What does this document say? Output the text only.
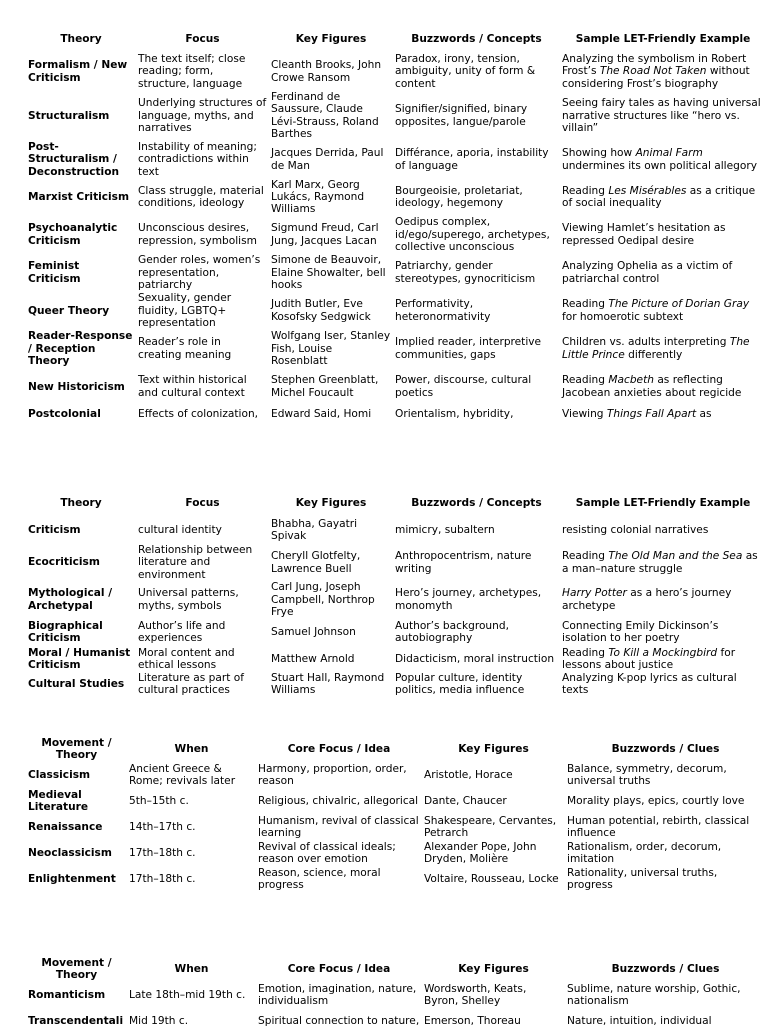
Theory	Focus	Key Figures	Buzzwords / Concepts	Sample LET-Friendly Example
Formalism / New Criticism	The text itself; close reading; form, structure, language	Cleanth Brooks, John Crowe Ransom	Paradox, irony, tension, ambiguity, unity of form & content	Analyzing the symbolism in Robert Frost’s The Road Not Taken without considering Frost’s biography
Structuralism	Underlying structures of language, myths, and narratives	Ferdinand de Saussure, Claude Lévi-Strauss, Roland Barthes	Signifier/signified, binary opposites, langue/parole	Seeing fairy tales as having universal narrative structures like “hero vs. villain”
Post-Structuralism / Deconstruction	Instability of meaning; contradictions within text	Jacques Derrida, Paul de Man	Différance, aporia, instability of language	Showing how Animal Farm undermines its own political allegory
Marxist Criticism	Class struggle, material conditions, ideology	Karl Marx, Georg Lukács, Raymond Williams	Bourgeoisie, proletariat, ideology, hegemony	Reading Les Misérables as a critique of social inequality
Psychoanalytic Criticism	Unconscious desires, repression, symbolism	Sigmund Freud, Carl Jung, Jacques Lacan	Oedipus complex, id/ego/superego, archetypes, collective unconscious	Viewing Hamlet’s hesitation as repressed Oedipal desire
Feminist Criticism	Gender roles, women’s representation, patriarchy	Simone de Beauvoir, Elaine Showalter, bell hooks	Patriarchy, gender stereotypes, gynocriticism	Analyzing Ophelia as a victim of patriarchal control
Queer Theory	Sexuality, gender fluidity, LGBTQ+ representation	Judith Butler, Eve Kosofsky Sedgwick	Performativity, heteronormativity	Reading The Picture of Dorian Gray for homoerotic subtext
Reader-Response / Reception Theory	Reader’s role in creating meaning	Wolfgang Iser, Stanley Fish, Louise Rosenblatt	Implied reader, interpretive communities, gaps	Children vs. adults interpreting The Little Prince differently
New Historicism	Text within historical and cultural context	Stephen Greenblatt, Michel Foucault	Power, discourse, cultural poetics	Reading Macbeth as reflecting Jacobean anxieties about regicide
Postcolonial	Effects of colonization,	Edward Said, Homi	Orientalism, hybridity,	Viewing Things Fall Apart as
Theory	Focus	Key Figures	Buzzwords / Concepts	Sample LET-Friendly Example
Criticism	cultural identity	Bhabha, Gayatri Spivak	mimicry, subaltern	resisting colonial narratives
Ecocriticism	Relationship between literature and environment	Cheryll Glotfelty, Lawrence Buell	Anthropocentrism, nature writing	Reading The Old Man and the Sea as a man–nature struggle
Mythological / Archetypal	Universal patterns, myths, symbols	Carl Jung, Joseph Campbell, Northrop Frye	Hero’s journey, archetypes, monomyth	Harry Potter as a hero’s journey archetype
Biographical Criticism	Author’s life and experiences	Samuel Johnson	Author’s background, autobiography	Connecting Emily Dickinson’s isolation to her poetry
Moral / Humanist Criticism	Moral content and ethical lessons	Matthew Arnold	Didacticism, moral instruction	Reading To Kill a Mockingbird for lessons about justice
Cultural Studies	Literature as part of cultural practices	Stuart Hall, Raymond Williams	Popular culture, identity politics, media influence	Analyzing K-pop lyrics as cultural texts
Movement / Theory	When	Core Focus / Idea	Key Figures	Buzzwords / Clues
Classicism	Ancient Greece & Rome; revivals later	Harmony, proportion, order, reason	Aristotle, Horace	Balance, symmetry, decorum, universal truths
Medieval Literature	5th–15th c.	Religious, chivalric, allegorical	Dante, Chaucer	Morality plays, epics, courtly love
Renaissance	14th–17th c.	Humanism, revival of classical learning	Shakespeare, Cervantes, Petrarch	Human potential, rebirth, classical influence
Neoclassicism	17th–18th c.	Revival of classical ideals; reason over emotion	Alexander Pope, John Dryden, Molière	Rationalism, order, decorum, imitation
Enlightenment	17th–18th c.	Reason, science, moral progress	Voltaire, Rousseau, Locke	Rationality, universal truths, progress
Movement / Theory	When	Core Focus / Idea	Key Figures	Buzzwords / Clues
Romanticism	Late 18th–mid 19th c.	Emotion, imagination, nature, individualism	Wordsworth, Keats, Byron, Shelley	Sublime, nature worship, Gothic, nationalism
Transcendentali	Mid 19th c.	Spiritual connection to nature,	Emerson, Thoreau	Nature, intuition, individual
